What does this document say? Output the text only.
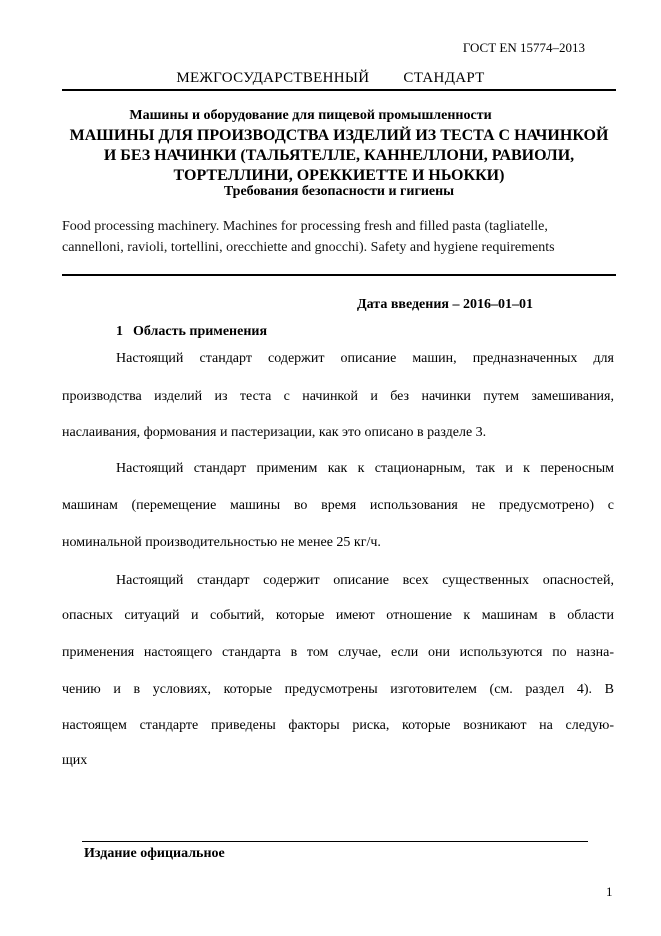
ГОСТ EN 15774–2013
МЕЖГОСУДАРСТВЕННЫЙ СТАНДАРТ
Машины и оборудование для пищевой промышленности
МАШИНЫ ДЛЯ ПРОИЗВОДСТВА ИЗДЕЛИЙ ИЗ ТЕСТА С НАЧИНКОЙ
И БЕЗ НАЧИНКИ (ТАЛЬЯТЕЛЛЕ, КАННЕЛЛОНИ, РАВИОЛИ,
ТОРТЕЛЛИНИ, ОРЕККИЕТТЕ И НЬОККИ)
Требования безопасности и гигиены
Food processing machinery. Machines for processing fresh and filled pasta (tagliatelle,
cannelloni, ravioli, tortellini, orecchiette and gnocchi). Safety and hygiene requirements
Дата введения – 2016–01–01
1 Область применения
Настоящий стандарт содержит описание машин, предназначенных для
производства изделий из теста с начинкой и без начинки путем замешивания,
наслаивания, формования и пастеризации, как это описано в разделе 3.
Настоящий стандарт применим как к стационарным, так и к переносным
машинам (перемещение машины во время использования не предусмотрено) с
номинальной производительностью не менее 25 кг/ч.
Настоящий стандарт содержит описание всех существенных опасностей,
опасных ситуаций и событий, которые имеют отношение к машинам в области
применения настоящего стандарта в том случае, если они используются по назна-
чению и в условиях, которые предусмотрены изготовителем (см. раздел 4). В
настоящем стандарте приведены факторы риска, которые возникают на следую-
щих
Издание официальное
1
